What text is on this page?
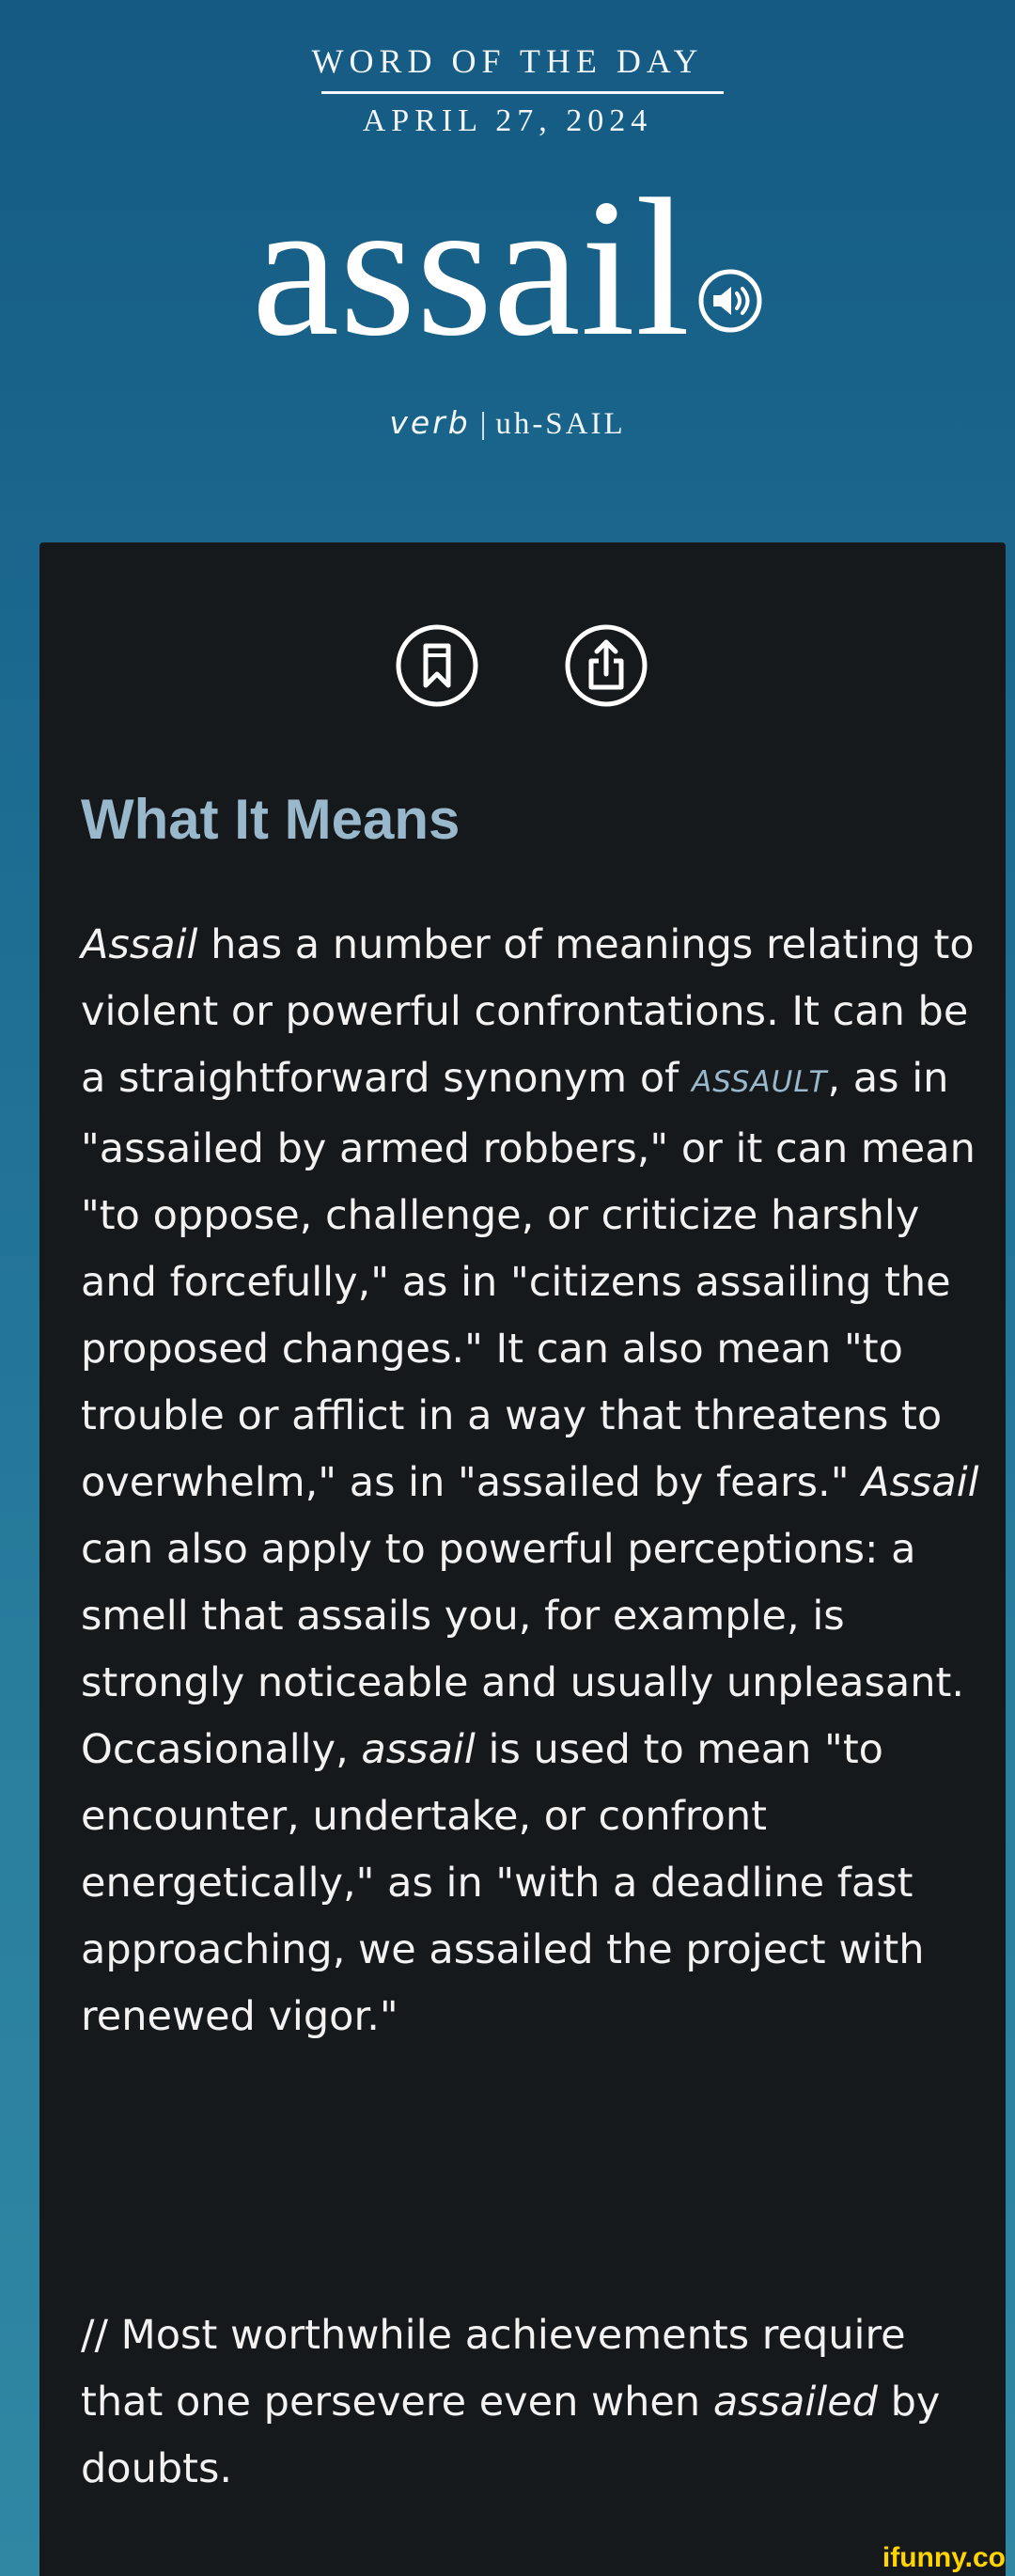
WORD OF THE DAY
APRIL 27, 2024
assail
verb | uh-SAIL
What It Means

Assail has a number of meanings relating to violent or powerful confrontations. It can be a straightforward synonym of ASSAULT, as in "assailed by armed robbers," or it can mean "to oppose, challenge, or criticize harshly and forcefully," as in "citizens assailing the proposed changes." It can also mean "to trouble or afflict in a way that threatens to overwhelm," as in "assailed by fears." Assail can also apply to powerful perceptions: a smell that assails you, for example, is strongly noticeable and usually unpleasant. Occasionally, assail is used to mean "to encounter, undertake, or confront energetically," as in "with a deadline fast approaching, we assailed the project with renewed vigor."

// Most worthwhile achievements require that one persevere even when assailed by doubts.

ifunny.co
